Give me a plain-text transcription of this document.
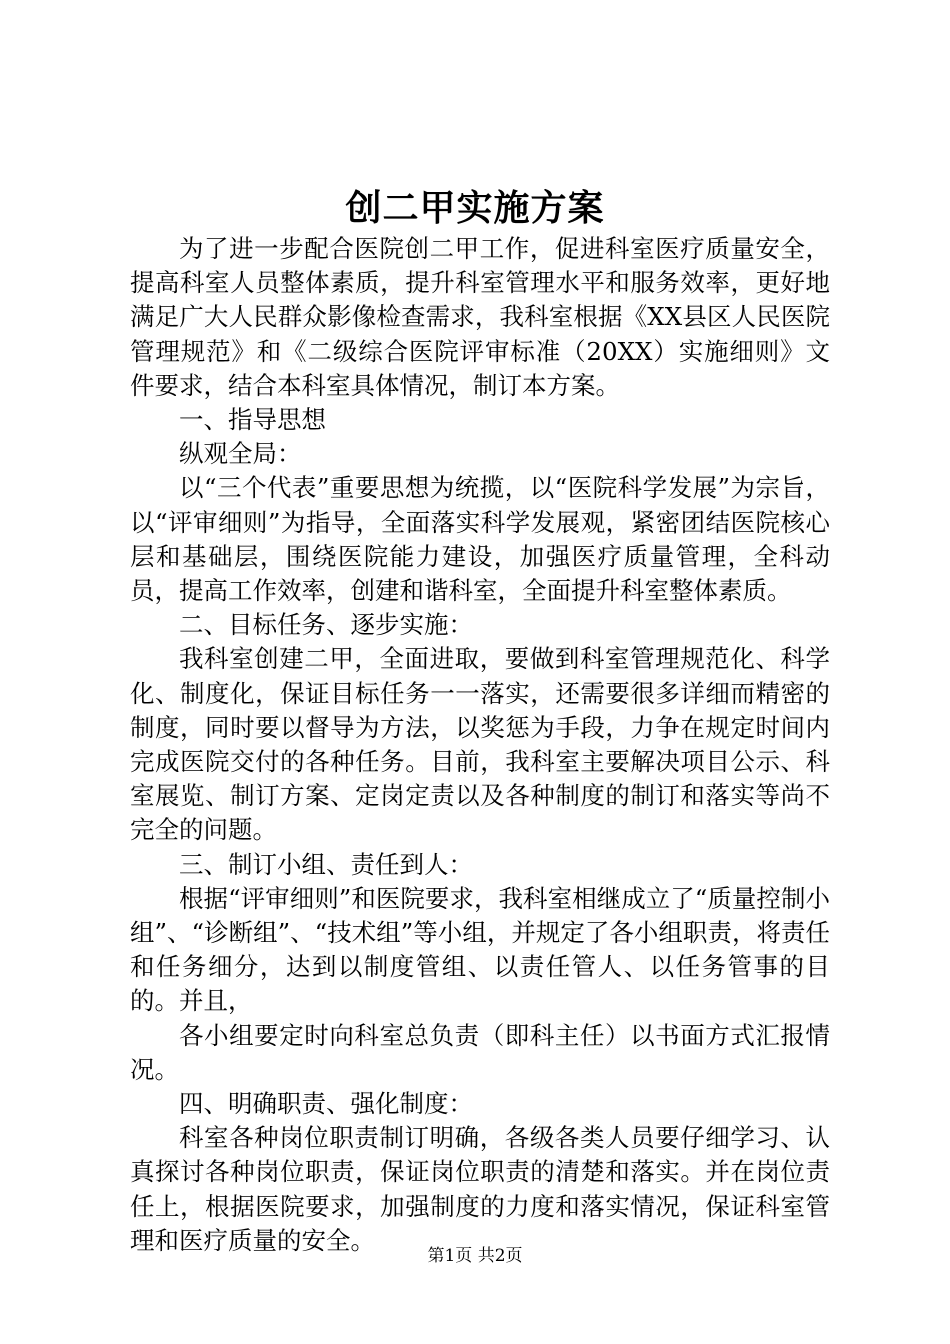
创二甲实施方案

为了进一步配合医院创二甲工作，促进科室医疗质量安全，提高科室人员整体素质，提升科室管理水平和服务效率，更好地满足广大人民群众影像检查需求，我科室根据《XX县区人民医院管理规范》和《二级综合医院评审标准（20XX）实施细则》文件要求，结合本科室具体情况，制订本方案。

一、指导思想

纵观全局：

以“三个代表”重要思想为统揽，以“医院科学发展”为宗旨，以“评审细则”为指导，全面落实科学发展观，紧密团结医院核心层和基础层，围绕医院能力建设，加强医疗质量管理，全科动员，提高工作效率，创建和谐科室，全面提升科室整体素质。

二、目标任务、逐步实施：

我科室创建二甲，全面进取，要做到科室管理规范化、科学化、制度化，保证目标任务一一落实，还需要很多详细而精密的制度，同时要以督导为方法，以奖惩为手段，力争在规定时间内完成医院交付的各种任务。目前，我科室主要解决项目公示、科室展览、制订方案、定岗定责以及各种制度的制订和落实等尚不完全的问题。

三、制订小组、责任到人：

根据“评审细则”和医院要求，我科室相继成立了“质量控制小组”、“诊断组”、“技术组”等小组，并规定了各小组职责，将责任和任务细分，达到以制度管组、以责任管人、以任务管事的目的。并且，

各小组要定时向科室总负责（即科主任）以书面方式汇报情况。

四、明确职责、强化制度：

科室各种岗位职责制订明确，各级各类人员要仔细学习、认真探讨各种岗位职责，保证岗位职责的清楚和落实。并在岗位责任上，根据医院要求，加强制度的力度和落实情况，保证科室管理和医疗质量的安全。

第1页 共2页
